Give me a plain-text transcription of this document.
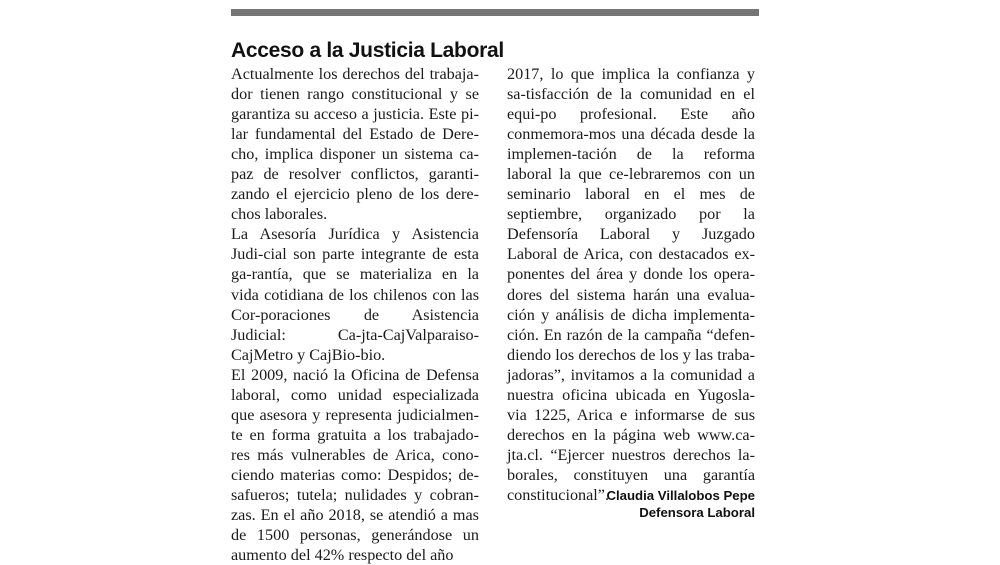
Acceso a la Justicia Laboral

Actualmente los derechos del trabaja-dor tienen rango constitucional y se garantiza su acceso a justicia. Este pi-lar fundamental del Estado de Dere-cho, implica disponer un sistema ca-paz de resolver conflictos, garanti-zando el ejercicio pleno de los dere-chos laborales.

La Asesoría Jurídica y Asistencia Judi-cial son parte integrante de esta ga-rantía, que se materializa en la vida cotidiana de los chilenos con las Cor-poraciones de Asistencia Judicial: Ca-jta-CajValparaiso-CajMetro y CajBio-bio.

El 2009, nació la Oficina de Defensa laboral, como unidad especializada que asesora y representa judicialmen-te en forma gratuita a los trabajado-res más vulnerables de Arica, cono-ciendo materias como: Despidos; de-safueros; tutela; nulidades y cobran-zas. En el año 2018, se atendió a mas de 1500 personas, generándose un aumento del 42% respecto del año

2017, lo que implica la confianza y sa-tisfacción de la comunidad en el equi-po profesional. Este año conmemora-mos una década desde la implemen-tación de la reforma laboral la que ce-lebraremos con un seminario laboral en el mes de septiembre, organizado por la Defensoría Laboral y Juzgado Laboral de Arica, con destacados ex-ponentes del área y donde los opera-dores del sistema harán una evalua-ción y análisis de dicha implementa-ción. En razón de la campaña “defen-diendo los derechos de los y las traba-jadoras”, invitamos a la comunidad a nuestra oficina ubicada en Yugosla-via 1225, Arica e informarse de sus derechos en la página web www.ca-jta.cl. “Ejercer nuestros derechos la-borales, constituyen una garantía constitucional”.

Claudia Villalobos Pepe
Defensora Laboral
